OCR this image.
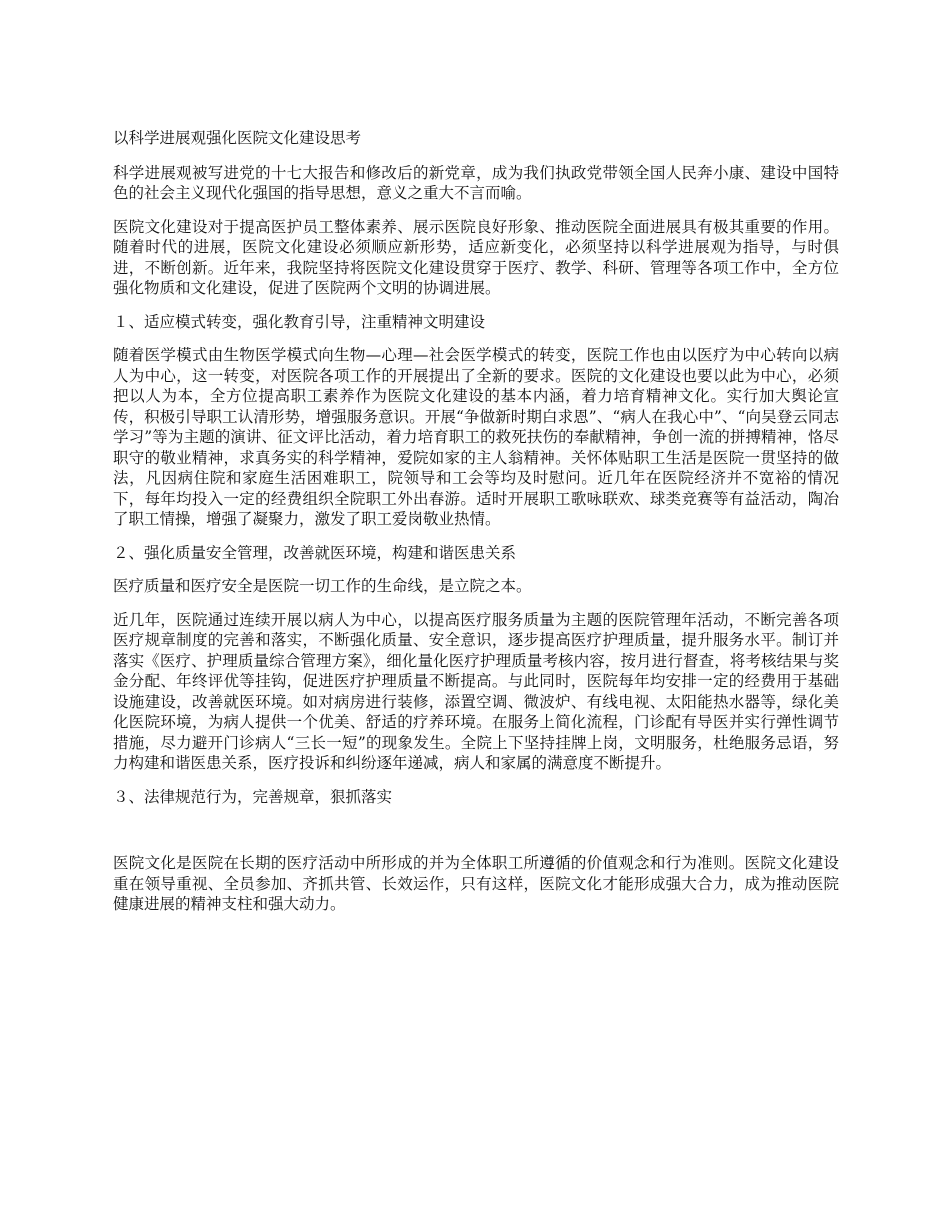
以科学进展观强化医院文化建设思考

科学进展观被写进党的十七大报告和修改后的新党章，成为我们执政党带领全国人民奔小康、建设中国特色的社会主义现代化强国的指导思想，意义之重大不言而喻。

医院文化建设对于提高医护员工整体素养、展示医院良好形象、推动医院全面进展具有极其重要的作用。随着时代的进展，医院文化建设必须顺应新形势，适应新变化，必须坚持以科学进展观为指导，与时俱进，不断创新。近年来，我院坚持将医院文化建设贯穿于医疗、教学、科研、管理等各项工作中，全方位强化物质和文化建设，促进了医院两个文明的协调进展。

１、适应模式转变，强化教育引导，注重精神文明建设

随着医学模式由生物医学模式向生物—心理—社会医学模式的转变，医院工作也由以医疗为中心转向以病人为中心，这一转变，对医院各项工作的开展提出了全新的要求。医院的文化建设也要以此为中心，必须把以人为本，全方位提高职工素养作为医院文化建设的基本内涵，着力培育精神文化。实行加大舆论宣传，积极引导职工认清形势，增强服务意识。开展“争做新时期白求恩”、“病人在我心中”、“向吴登云同志学习”等为主题的演讲、征文评比活动，着力培育职工的救死扶伤的奉献精神，争创一流的拼搏精神，恪尽职守的敬业精神，求真务实的科学精神，爱院如家的主人翁精神。关怀体贴职工生活是医院一贯坚持的做法，凡因病住院和家庭生活困难职工，院领导和工会等均及时慰问。近几年在医院经济并不宽裕的情况下，每年均投入一定的经费组织全院职工外出春游。适时开展职工歌咏联欢、球类竞赛等有益活动，陶冶了职工情操，增强了凝聚力，激发了职工爱岗敬业热情。

２、强化质量安全管理，改善就医环境，构建和谐医患关系

医疗质量和医疗安全是医院一切工作的生命线，是立院之本。

近几年，医院通过连续开展以病人为中心，以提高医疗服务质量为主题的医院管理年活动，不断完善各项医疗规章制度的完善和落实，不断强化质量、安全意识，逐步提高医疗护理质量，提升服务水平。制订并落实《医疗、护理质量综合管理方案》，细化量化医疗护理质量考核内容，按月进行督查，将考核结果与奖金分配、年终评优等挂钩，促进医疗护理质量不断提高。与此同时，医院每年均安排一定的经费用于基础设施建设，改善就医环境。如对病房进行装修，添置空调、微波炉、有线电视、太阳能热水器等，绿化美化医院环境，为病人提供一个优美、舒适的疗养环境。在服务上简化流程，门诊配有导医并实行弹性调节措施，尽力避开门诊病人“三长一短”的现象发生。全院上下坚持挂牌上岗，文明服务，杜绝服务忌语，努力构建和谐医患关系，医疗投诉和纠纷逐年递减，病人和家属的满意度不断提升。

３、法律规范行为，完善规章，狠抓落实

医院文化是医院在长期的医疗活动中所形成的并为全体职工所遵循的价值观念和行为准则。医院文化建设重在领导重视、全员参加、齐抓共管、长效运作，只有这样，医院文化才能形成强大合力，成为推动医院健康进展的精神支柱和强大动力。
